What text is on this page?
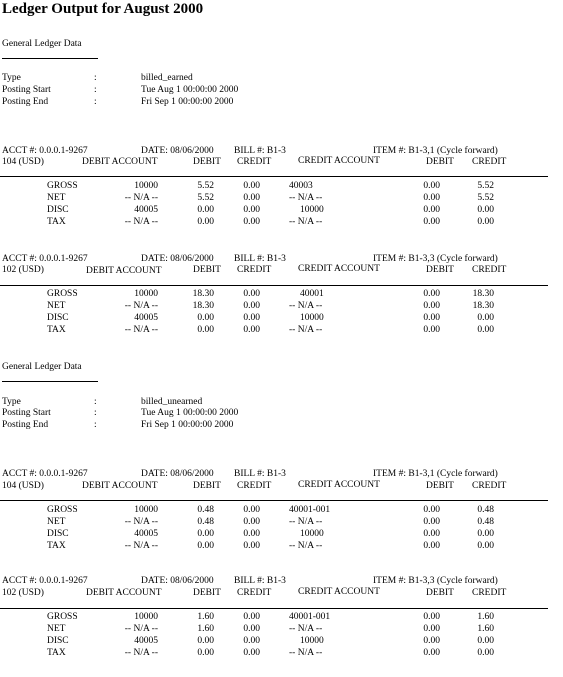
Ledger Output for August 2000
General Ledger Data
Type	:	billed_earned
Posting Start	:	Tue Aug 1 00:00:00 2000
Posting End	:	Fri Sep 1 00:00:00 2000
ACCT #: 0.0.0.1-9267	DATE: 08/06/2000 BILL #: B1-3	ITEM #: B1-3,1 (Cycle forward)
104 (USD)	DEBIT ACCOUNT	DEBIT CREDIT	CREDIT ACCOUNT	DEBIT CREDIT
GROSS	10000	5.52	0.00	40003	0.00	5.52
NET	-- N/A --	5.52	0.00	-- N/A --	0.00	5.52
DISC	40005	0.00	0.00	10000	0.00	0.00
TAX	-- N/A --	0.00	0.00	-- N/A --	0.00	0.00
ACCT #: 0.0.0.1-9267	DATE: 08/06/2000 BILL #: B1-3	ITEM #: B1-3,3 (Cycle forward)
102 (USD)	DEBIT ACCOUNT	DEBIT CREDIT	CREDIT ACCOUNT	DEBIT CREDIT
GROSS	10000	18.30	0.00	40001	0.00	18.30
NET	-- N/A --	18.30	0.00	-- N/A --	0.00	18.30
DISC	40005	0.00	0.00	10000	0.00	0.00
TAX	-- N/A --	0.00	0.00	-- N/A --	0.00	0.00
General Ledger Data
Type	:	billed_unearned
Posting Start	:	Tue Aug 1 00:00:00 2000
Posting End	:	Fri Sep 1 00:00:00 2000
ACCT #: 0.0.0.1-9267	DATE: 08/06/2000 BILL #: B1-3	ITEM #: B1-3,1 (Cycle forward)
104 (USD)	DEBIT ACCOUNT	DEBIT CREDIT	CREDIT ACCOUNT	DEBIT CREDIT
GROSS	10000	0.48	0.00	40001-001	0.00	0.48
NET	-- N/A --	0.48	0.00	-- N/A --	0.00	0.48
DISC	40005	0.00	0.00	10000	0.00	0.00
TAX	-- N/A --	0.00	0.00	-- N/A --	0.00	0.00
ACCT #: 0.0.0.1-9267	DATE: 08/06/2000 BILL #: B1-3	ITEM #: B1-3,3 (Cycle forward)
102 (USD)	DEBIT ACCOUNT	DEBIT CREDIT	CREDIT ACCOUNT	DEBIT CREDIT
GROSS	10000	1.60	0.00	40001-001	0.00	1.60
NET	-- N/A --	1.60	0.00	-- N/A --	0.00	1.60
DISC	40005	0.00	0.00	10000	0.00	0.00
TAX	-- N/A --	0.00	0.00	-- N/A --	0.00	0.00
